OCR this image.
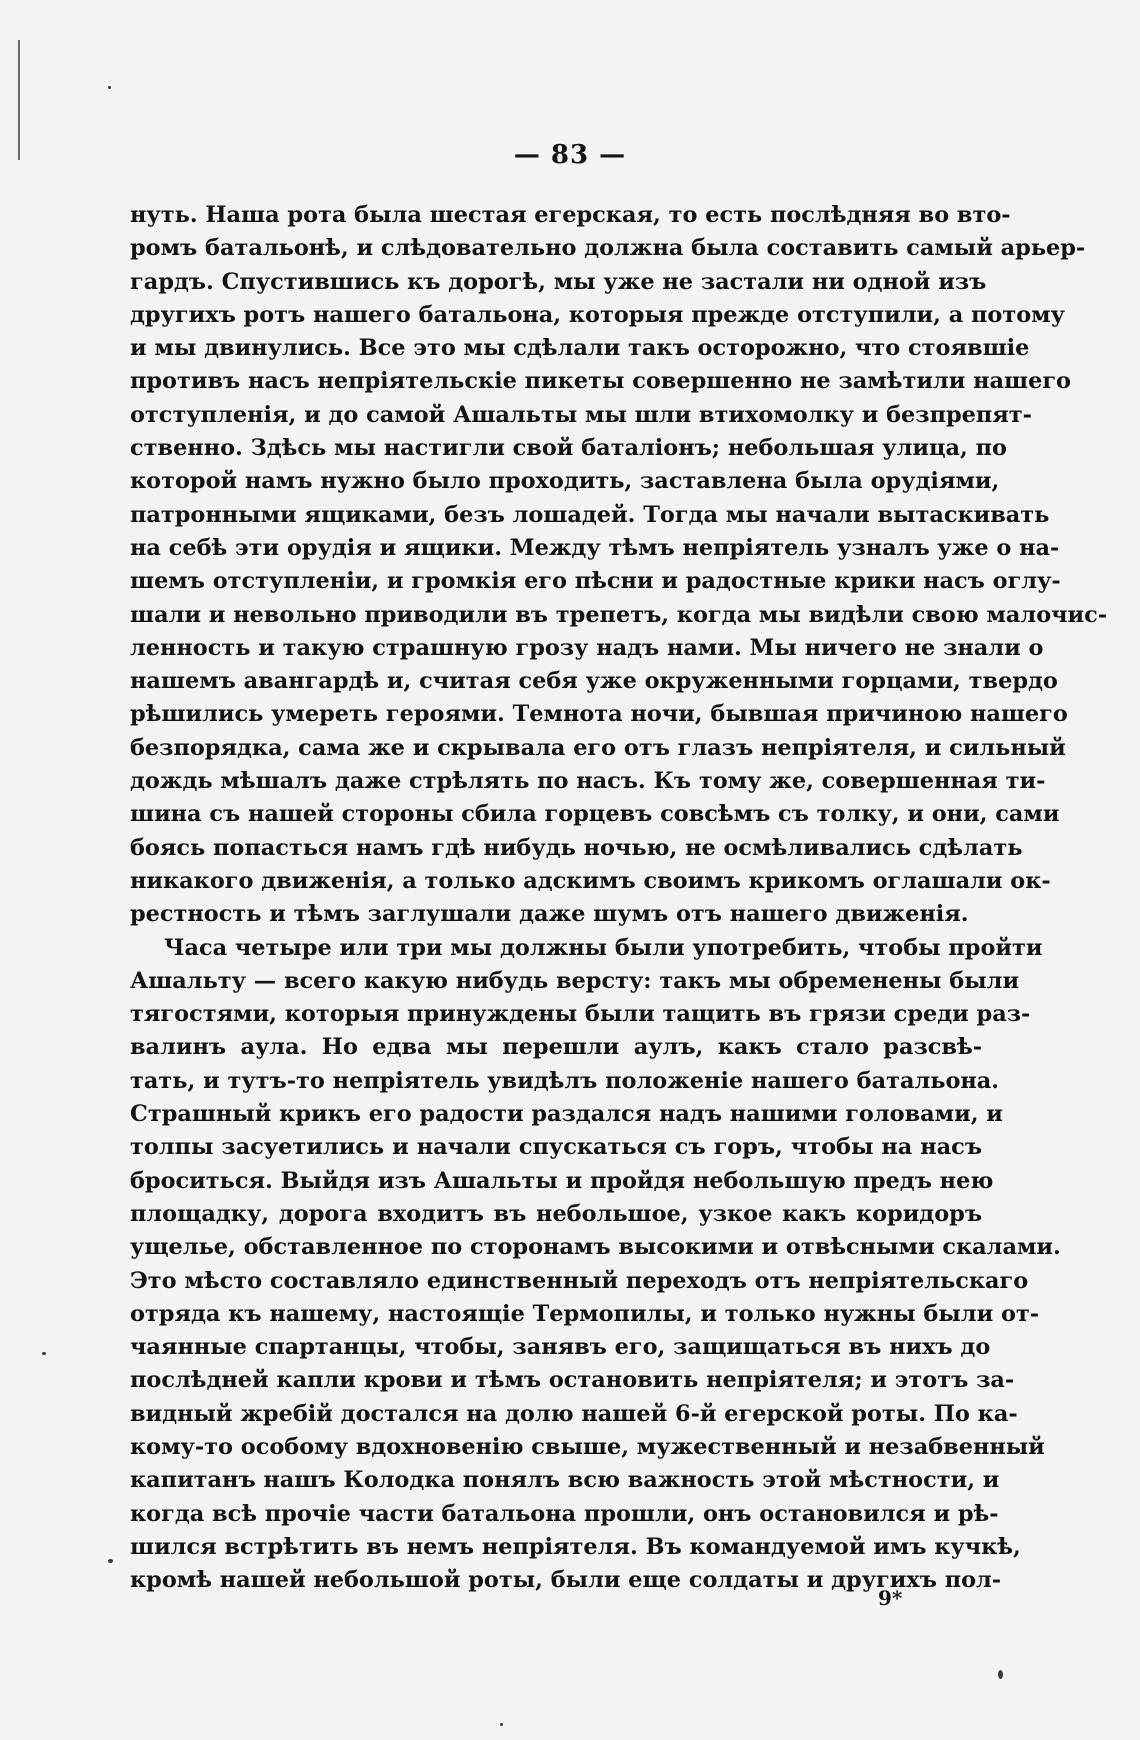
— 83 —
нуть. Наша рота была шестая егерская, то есть послѣдняя во вто-
ромъ батальонѣ, и слѣдовательно должна была составить самый арьер-
гардъ. Спустившись къ дорогѣ, мы уже не застали ни одной изъ
другихъ ротъ нашего батальона, которыя прежде отступили, а потому
и мы двинулись. Все это мы сдѣлали такъ осторожно, что стоявшіе
противъ насъ непріятельскіе пикеты совершенно не замѣтили нашего
отступленія, и до самой Ашальты мы шли втихомолку и безпрепят-
ственно. Здѣсь мы настигли свой баталіонъ; небольшая улица, по
которой намъ нужно было проходить, заставлена была орудіями,
патронными ящиками, безъ лошадей. Тогда мы начали вытаскивать
на себѣ эти орудія и ящики. Между тѣмъ непріятель узналъ уже о на-
шемъ отступленіи, и громкія его пѣсни и радостные крики насъ оглу-
шали и невольно приводили въ трепетъ, когда мы видѣли свою малочис-
ленность и такую страшную грозу надъ нами. Мы ничего не знали о
нашемъ авангардѣ и, считая себя уже окруженными горцами, твердо
рѣшились умереть героями. Темнота ночи, бывшая причиною нашего
безпорядка, сама же и скрывала его отъ глазъ непріятеля, и сильный
дождь мѣшалъ даже стрѣлять по насъ. Къ тому же, совершенная ти-
шина съ нашей стороны сбила горцевъ совсѣмъ съ толку, и они, сами
боясь попасться намъ гдѣ нибудь ночью, не осмѣливались сдѣлать
никакого движенія, а только адскимъ своимъ крикомъ оглашали ок-
рестность и тѣмъ заглушали даже шумъ отъ нашего движенія.
Часа четыре или три мы должны были употребить, чтобы пройти
Ашальту — всего какую нибудь версту: такъ мы обременены были
тягостями, которыя принуждены были тащить въ грязи среди раз-
валинъ аула. Но едва мы перешли аулъ, какъ стало разсвѣ-
тать, и тутъ-то непріятель увидѣлъ положеніе нашего батальона.
Страшный крикъ его радости раздался надъ нашими головами, и
толпы засуетились и начали спускаться съ горъ, чтобы на насъ
броситься. Выйдя изъ Ашальты и пройдя небольшую предъ нею
площадку, дорога входитъ въ небольшое, узкое какъ коридоръ
ущелье, обставленное по сторонамъ высокими и отвѣсными скалами.
Это мѣсто составляло единственный переходъ отъ непріятельскаго
отряда къ нашему, настоящіе Термопилы, и только нужны были от-
чаянные спартанцы, чтобы, занявъ его, защищаться въ нихъ до
послѣдней капли крови и тѣмъ остановить непріятеля; и этотъ за-
видный жребій достался на долю нашей 6-й егерской роты. По ка-
кому-то особому вдохновенію свыше, мужественный и незабвенный
капитанъ нашъ Колодка понялъ всю важность этой мѣстности, и
когда всѣ прочіе части батальона прошли, онъ остановился и рѣ-
шился встрѣтить въ немъ непріятеля. Въ командуемой имъ кучкѣ,
кромѣ нашей небольшой роты, были еще солдаты и другихъ пол-
9*
